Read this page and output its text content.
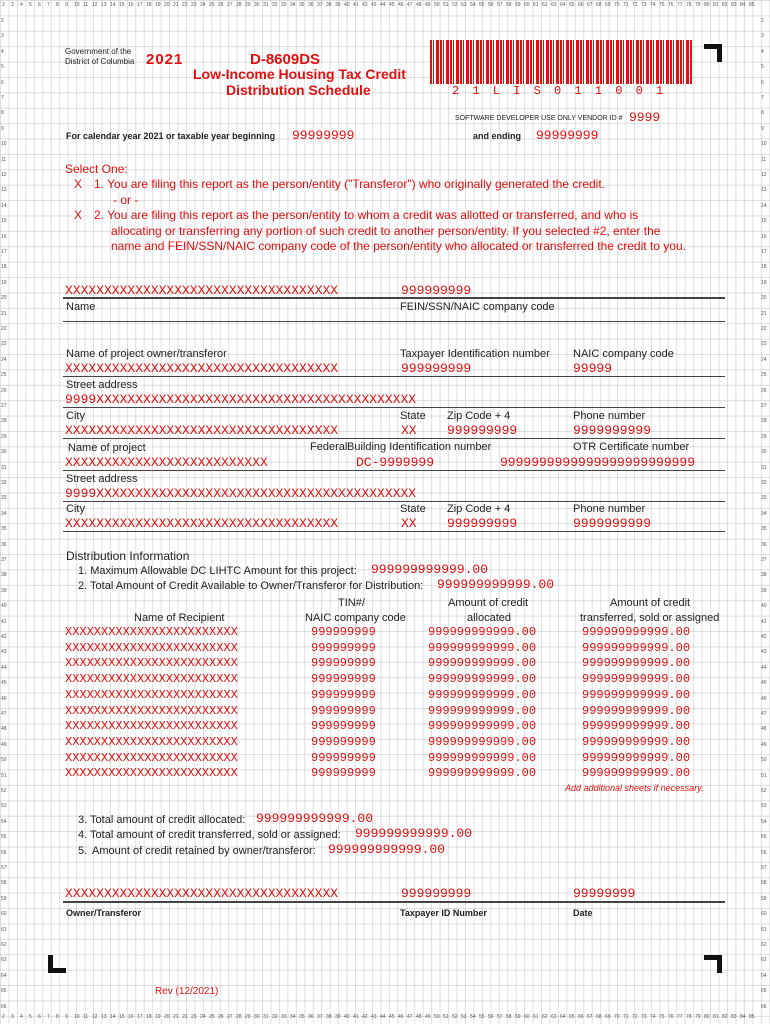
2 3 4 5 6 7 8 9 10 11 12 13 14 15 16 17 18 19 20 21 22 23 24 25 26 27 28 29 30 31 32 33 34 35 36 37 38 39 40 41 42 43 44 45 46 47 48 49 50 51 52 53 54 55 56 57 58 59 60 61 62 63 64 65 66 67 68 69 70 71 72 73 74 75 76 77 78 79 80 81 82 83 84 85
2 3 4 5 6 7 8 9 10 11 12 13 14 15 16 17 18 19 20 21 22 23 24 25 26 27 28 29 30 31 32 33 34 35 36 37 38 39 40 41 42 43 44 45 46 47 48 49 50 51 52 53 54 55 56 57 58 59 60 61 62 63 64 65 66 67 68 69 70 71 72 73 74 75 76 77 78 79 80 81 82 83 84 85
2
3
4
5
6
7
8
9
10
11
12
13
14
15
16
17
18
19
20
21
22
23
24
25
26
27
28
29
30
31
32
33
34
35
36
37
38
39
40
41
42
43
44
45
46
47
48
49
50
51
52
53
54
55
56
57
58
59
60
61
62
63
64
65
66
2
3
4
5
6
7
8
9
10
11
12
13
14
15
16
17
18
19
20
21
22
23
24
25
26
27
28
29
30
31
32
33
34
35
36
37
38
39
40
41
42
43
44
45
46
47
48
49
50
51
52
53
54
55
56
57
58
59
60
61
62
63
64
65
66
Government of the
District of Columbia 2021	D-8609DS
Low-Income Housing Tax Credit
Distribution Schedule	2 1 L I S 0 1 1 0 0 1
SOFTWARE DEVELOPER USE ONLY VENDOR ID # 9999
For calendar year 2021 or taxable year beginning 99999999	and ending 99999999
Select One:
X 1. You are filing this report as the person/entity ("Transferor") who originally generated the credit.
- or -
X 2. You are filing this report as the person/entity to whom a credit was allotted or transferred, and who is
allocating or transferring any portion of such credit to another person/entity. If you selected #2, enter the
name and FEIN/SSN/NAIC company code of the person/entity who allocated or transferred the credit to you.
XXXXXXXXXXXXXXXXXXXXXXXXXXXXXXXXXXX	999999999
Name	FEIN/SSN/NAIC company code
Name of project owner/transferor	Taxpayer Identification number NAIC company code
XXXXXXXXXXXXXXXXXXXXXXXXXXXXXXXXXXX	999999999	99999
Street address
9999XXXXXXXXXXXXXXXXXXXXXXXXXXXXXXXXXXXXXXXXX
City	State Zip Code + 4	Phone number
XXXXXXXXXXXXXXXXXXXXXXXXXXXXXXXXXXX	XX 999999999	9999999999
Name of project	Federal Building Identification number	OTR Certificate number
XXXXXXXXXXXXXXXXXXXXXXXXXX	DC-9999999	9999999999999999999999999
Street address
9999XXXXXXXXXXXXXXXXXXXXXXXXXXXXXXXXXXXXXXXXX
City	State Zip Code + 4	Phone number
XXXXXXXXXXXXXXXXXXXXXXXXXXXXXXXXXXX	XX 999999999	9999999999
Distribution Information
1. Maximum Allowable DC LIHTC Amount for this project: 999999999999.00
2. Total Amount of Credit Available to Owner/Transferor for Distribution: 999999999999.00
Name of Recipient
TIN#/
NAIC company code
Amount of credit
allocated
Amount of credit
transferred, sold or assigned
XXXXXXXXXXXXXXXXXXXXXXXX	999999999	999999999999.00	999999999999.00
XXXXXXXXXXXXXXXXXXXXXXXX	999999999	999999999999.00	999999999999.00
XXXXXXXXXXXXXXXXXXXXXXXX	999999999	999999999999.00	999999999999.00
XXXXXXXXXXXXXXXXXXXXXXXX	999999999	999999999999.00	999999999999.00
XXXXXXXXXXXXXXXXXXXXXXXX	999999999	999999999999.00	999999999999.00
XXXXXXXXXXXXXXXXXXXXXXXX	999999999	999999999999.00	999999999999.00
XXXXXXXXXXXXXXXXXXXXXXXX	999999999	999999999999.00	999999999999.00
XXXXXXXXXXXXXXXXXXXXXXXX	999999999	999999999999.00	999999999999.00
XXXXXXXXXXXXXXXXXXXXXXXX	999999999	999999999999.00	999999999999.00
XXXXXXXXXXXXXXXXXXXXXXXX	999999999	999999999999.00	999999999999.00
Add additional sheets if necessary.
3. Total amount of credit allocated: 999999999999.00
4. Total amount of credit transferred, sold or assigned: 999999999999.00
5. Amount of credit retained by owner/transferor: 999999999999.00
XXXXXXXXXXXXXXXXXXXXXXXXXXXXXXXXXXX	999999999	99999999
Owner/Transferor	Taxpayer ID Number	Date
Rev (12/2021)
